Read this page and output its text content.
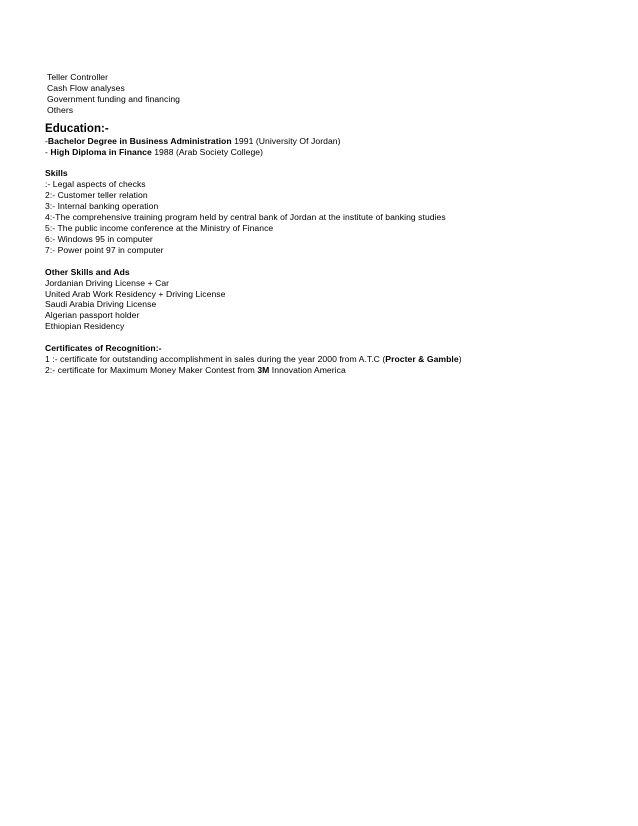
Teller Controller
Cash Flow analyses
Government funding and financing
Others
Education:-
-Bachelor Degree in Business Administration 1991 (University Of Jordan)
- High Diploma in Finance 1988 (Arab Society College)
Skills
:- Legal aspects of checks
2:- Customer teller relation
3:- Internal banking operation
4:-The comprehensive training program held by central bank of Jordan at the institute of banking studies
5:- The public income conference at the Ministry of Finance
6:- Windows 95 in computer
7:- Power point 97 in computer
Other Skills and Ads
Jordanian Driving License + Car
United Arab Work Residency + Driving License
Saudi Arabia Driving License
Algerian passport holder
Ethiopian Residency
Certificates of Recognition:-
1 :- certificate for outstanding accomplishment in sales during the year 2000 from A.T.C (Procter & Gamble)
2:- certificate for Maximum Money Maker Contest from 3M Innovation America
